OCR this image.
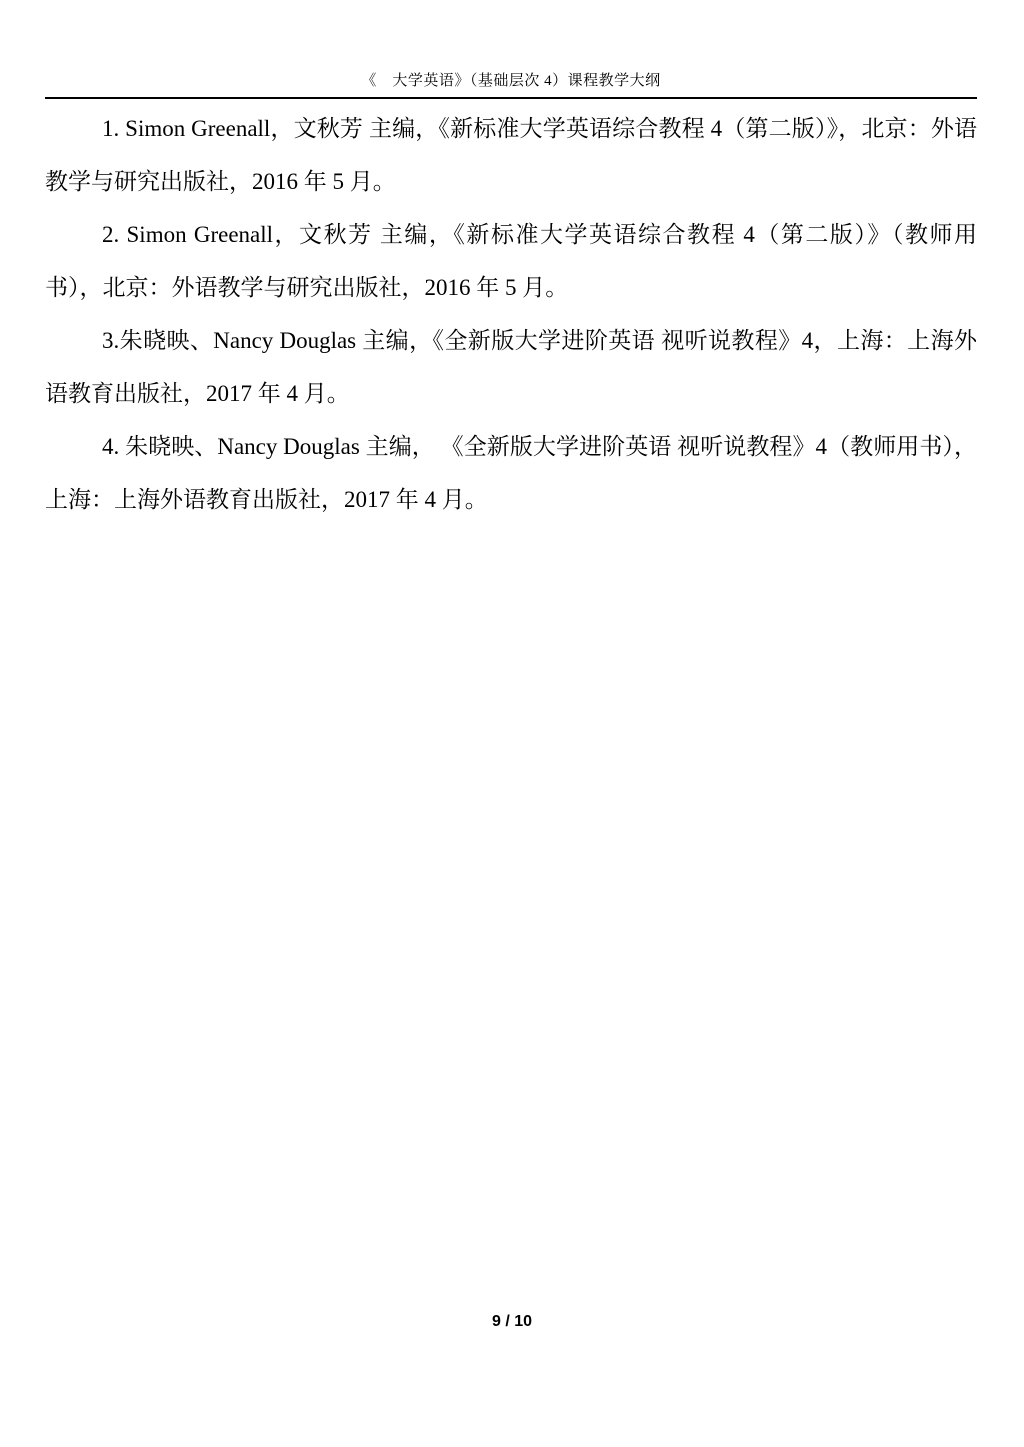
《　大学英语》（基础层次 4）课程教学大纲

1. Simon Greenall，文秋芳 主编，《新标准大学英语综合教程 4（第二版）》，北京：外语教学与研究出版社，2016 年 5 月。

2. Simon Greenall，文秋芳 主编，《新标准大学英语综合教程 4（第二版）》（教师用书），北京：外语教学与研究出版社，2016 年 5 月。

3.朱晓映、Nancy Douglas 主编，《全新版大学进阶英语 视听说教程》4，上海：上海外语教育出版社，2017 年 4 月。

4. 朱晓映、Nancy Douglas 主编， 《全新版大学进阶英语 视听说教程》4（教师用书），上海：上海外语教育出版社，2017 年 4 月。

9 / 10
